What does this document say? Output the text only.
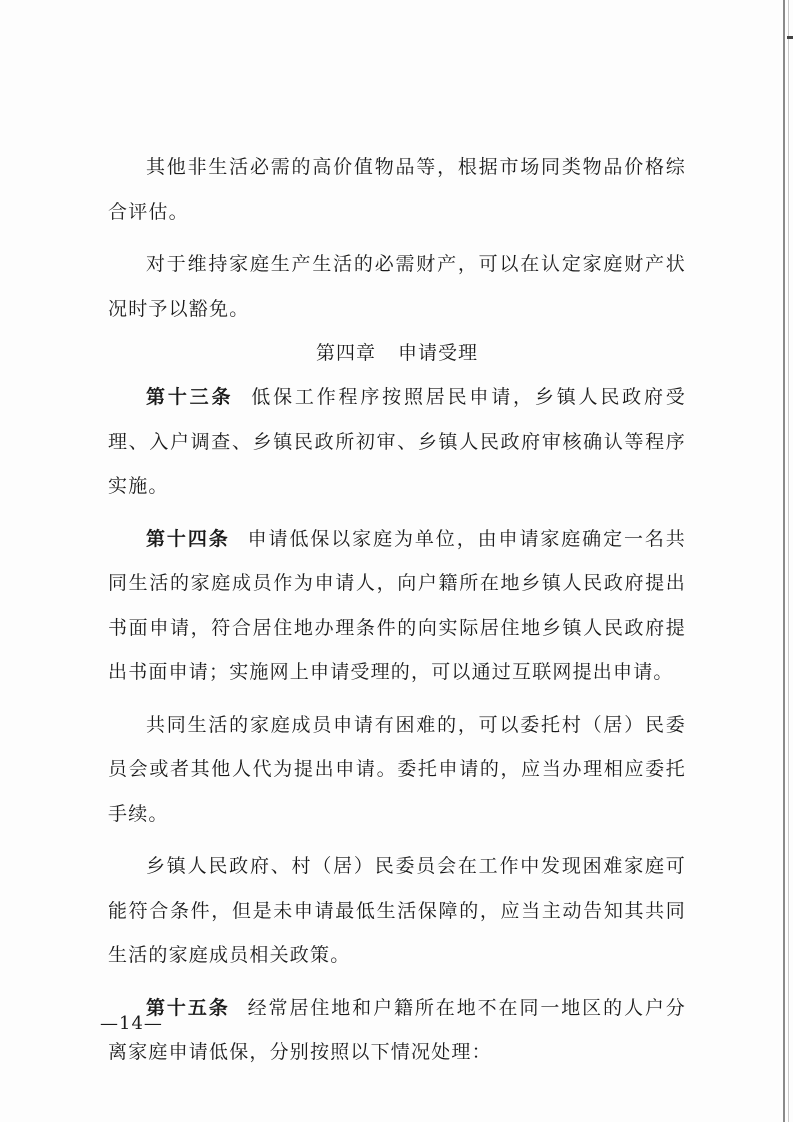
其他非生活必需的高价值物品等，根据市场同类物品价格综合评估。

对于维持家庭生产生活的必需财产，可以在认定家庭财产状况时予以豁免。

第四章 申请受理

第十三条 低保工作程序按照居民申请，乡镇人民政府受理、入户调查、乡镇民政所初审、乡镇人民政府审核确认等程序实施。

第十四条 申请低保以家庭为单位，由申请家庭确定一名共同生活的家庭成员作为申请人，向户籍所在地乡镇人民政府提出书面申请，符合居住地办理条件的向实际居住地乡镇人民政府提出书面申请；实施网上申请受理的，可以通过互联网提出申请。

共同生活的家庭成员申请有困难的，可以委托村（居）民委员会或者其他人代为提出申请。委托申请的，应当办理相应委托手续。

乡镇人民政府、村（居）民委员会在工作中发现困难家庭可能符合条件，但是未申请最低生活保障的，应当主动告知其共同生活的家庭成员相关政策。

第十五条 经常居住地和户籍所在地不在同一地区的人户分离家庭申请低保，分别按照以下情况处理：

—14—
